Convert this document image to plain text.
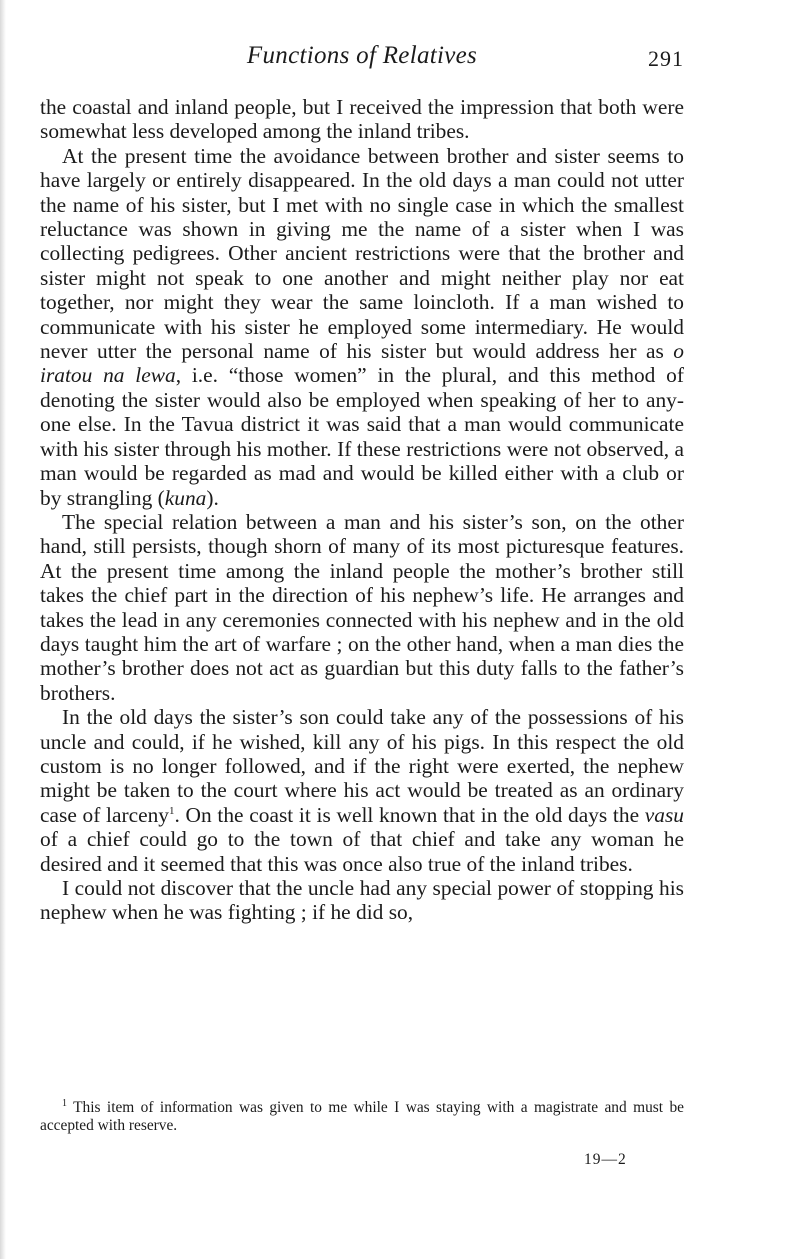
Functions of Relatives	291

the coastal and inland people, but I received the impression that both were somewhat less developed among the inland tribes.

At the present time the avoidance between brother and sister seems to have largely or entirely disappeared. In the old days a man could not utter the name of his sister, but I met with no single case in which the smallest reluctance was shown in giving me the name of a sister when I was collecting pedigrees. Other ancient restrictions were that the brother and sister might not speak to one another and might neither play nor eat together, nor might they wear the same loincloth. If a man wished to communicate with his sister he employed some intermediary. He would never utter the personal name of his sister but would address her as o iratou na lewa, i.e. “those women” in the plural, and this method of denoting the sister would also be employed when speaking of her to any-one else. In the Tavua district it was said that a man would communicate with his sister through his mother. If these restrictions were not observed, a man would be regarded as mad and would be killed either with a club or by strangling (kuna).

The special relation between a man and his sister’s son, on the other hand, still persists, though shorn of many of its most picturesque features. At the present time among the inland people the mother’s brother still takes the chief part in the direction of his nephew’s life. He arranges and takes the lead in any ceremonies connected with his nephew and in the old days taught him the art of warfare ; on the other hand, when a man dies the mother’s brother does not act as guardian but this duty falls to the father’s brothers.

In the old days the sister’s son could take any of the possessions of his uncle and could, if he wished, kill any of his pigs. In this respect the old custom is no longer followed, and if the right were exerted, the nephew might be taken to the court where his act would be treated as an ordinary case of larceny$^1$. On the coast it is well known that in the old days the vasu of a chief could go to the town of that chief and take any woman he desired and it seemed that this was once also true of the inland tribes.

I could not discover that the uncle had any special power of stopping his nephew when he was fighting ; if he did so,

$^1$ This item of information was given to me while I was staying with a magistrate and must be accepted with reserve.

19—2
